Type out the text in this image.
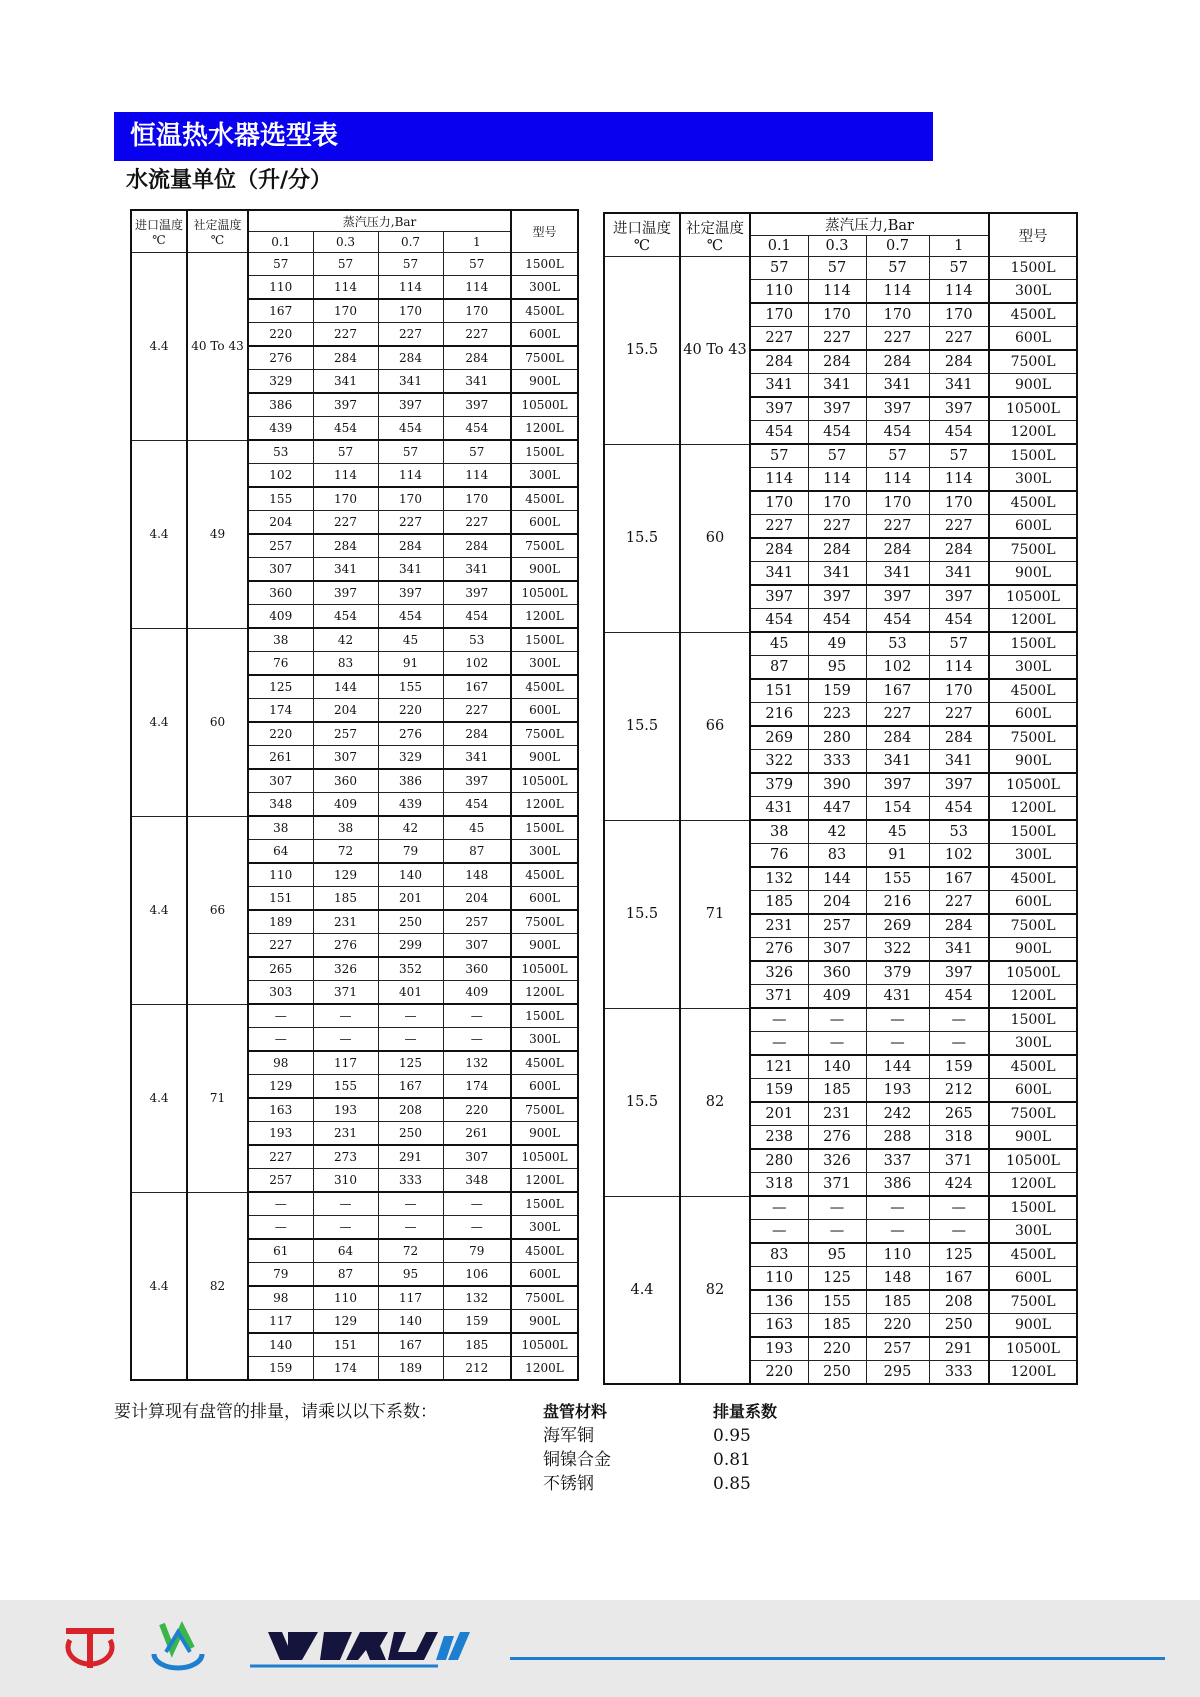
恒温热水器选型表
水流量单位（升/分）
进口温度
℃	社定温度
℃	蒸汽压力,Bar				型号
		0.1	0.3	0.7	1	
4.4	40 To 43	57	57	57	57	1500L
		110	114	114	114	300L
		167	170	170	170	4500L
		220	227	227	227	600L
		276	284	284	284	7500L
		329	341	341	341	900L
		386	397	397	397	10500L
		439	454	454	454	1200L
4.4	49	53	57	57	57	1500L
		102	114	114	114	300L
		155	170	170	170	4500L
		204	227	227	227	600L
		257	284	284	284	7500L
		307	341	341	341	900L
		360	397	397	397	10500L
		409	454	454	454	1200L
4.4	60	38	42	45	53	1500L
		76	83	91	102	300L
		125	144	155	167	4500L
		174	204	220	227	600L
		220	257	276	284	7500L
		261	307	329	341	900L
		307	360	386	397	10500L
		348	409	439	454	1200L
4.4	66	38	38	42	45	1500L
		64	72	79	87	300L
		110	129	140	148	4500L
		151	185	201	204	600L
		189	231	250	257	7500L
		227	276	299	307	900L
		265	326	352	360	10500L
		303	371	401	409	1200L
4.4	71	—	—	—	—	1500L
		—	—	—	—	300L
		98	117	125	132	4500L
		129	155	167	174	600L
		163	193	208	220	7500L
		193	231	250	261	900L
		227	273	291	307	10500L
		257	310	333	348	1200L
4.4	82	—	—	—	—	1500L
		—	—	—	—	300L
		61	64	72	79	4500L
		79	87	95	106	600L
		98	110	117	132	7500L
		117	129	140	159	900L
		140	151	167	185	10500L
		159	174	189	212	1200L
进口温度
℃	社定温度
℃	蒸汽压力,Bar				型号
		0.1	0.3	0.7	1	
15.5	40 To 43	57	57	57	57	1500L
		110	114	114	114	300L
		170	170	170	170	4500L
		227	227	227	227	600L
		284	284	284	284	7500L
		341	341	341	341	900L
		397	397	397	397	10500L
		454	454	454	454	1200L
15.5	60	57	57	57	57	1500L
		114	114	114	114	300L
		170	170	170	170	4500L
		227	227	227	227	600L
		284	284	284	284	7500L
		341	341	341	341	900L
		397	397	397	397	10500L
		454	454	454	454	1200L
15.5	66	45	49	53	57	1500L
		87	95	102	114	300L
		151	159	167	170	4500L
		216	223	227	227	600L
		269	280	284	284	7500L
		322	333	341	341	900L
		379	390	397	397	10500L
		431	447	154	454	1200L
15.5	71	38	42	45	53	1500L
		76	83	91	102	300L
		132	144	155	167	4500L
		185	204	216	227	600L
		231	257	269	284	7500L
		276	307	322	341	900L
		326	360	379	397	10500L
		371	409	431	454	1200L
15.5	82	—	—	—	—	1500L
		—	—	—	—	300L
		121	140	144	159	4500L
		159	185	193	212	600L
		201	231	242	265	7500L
		238	276	288	318	900L
		280	326	337	371	10500L
		318	371	386	424	1200L
4.4	82	—	—	—	—	1500L
		—	—	—	—	300L
		83	95	110	125	4500L
		110	125	148	167	600L
		136	155	185	208	7500L
		163	185	220	250	900L
		193	220	257	291	10500L
		220	250	295	333	1200L
要计算现有盘管的排量，请乘以以下系数：	盘管材料	排量系数
海军铜	0.95
铜镍合金	0.81
不锈钢	0.85
